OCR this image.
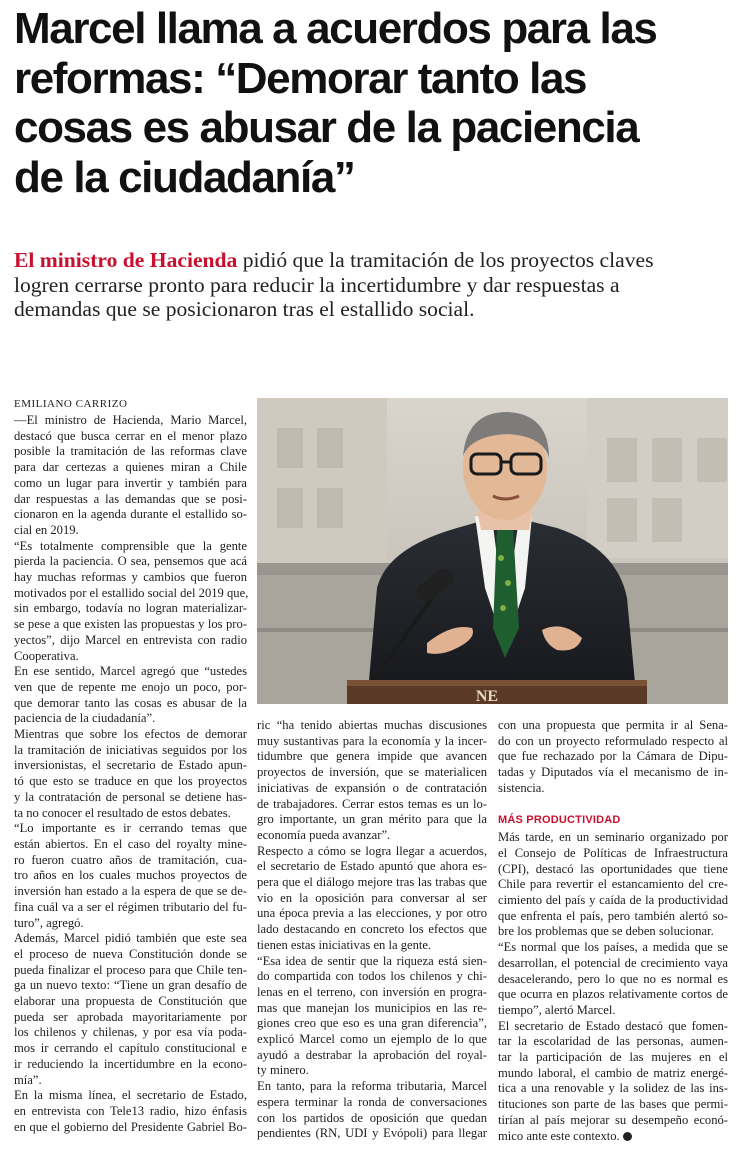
Marcel llama a acuerdos para las
reformas: “Demorar tanto las
cosas es abusar de la paciencia
de la ciudadanía”
El ministro de Hacienda pidió que la tramitación de los proyectos claves
logren cerrarse pronto para reducir la incertidumbre y dar respuestas a
demandas que se posicionaron tras el estallido social.
EMILIANO CARRIZO
NE

—El ministro de Hacienda, Mario Marcel,
destacó que busca cerrar en el menor plazo
posible la tramitación de las reformas clave
para dar certezas a quienes miran a Chile
como un lugar para invertir y también para
dar respuestas a las demandas que se posi-
cionaron en la agenda durante el estallido so-
cial en 2019.

“Es totalmente comprensible que la gente
pierda la paciencia. O sea, pensemos que acá
hay muchas reformas y cambios que fueron
motivados por el estallido social del 2019 que,
sin embargo, todavía no logran materializar-
se pese a que existen las propuestas y los pro-
yectos”, dijo Marcel en entrevista con radio
Cooperativa.

En ese sentido, Marcel agregó que “ustedes
ven que de repente me enojo un poco, por-
que demorar tanto las cosas es abusar de la
paciencia de la ciudadanía”.

Mientras que sobre los efectos de demorar
la tramitación de iniciativas seguidos por los
inversionistas, el secretario de Estado apun-
tó que esto se traduce en que los proyectos
y la contratación de personal se detiene has-
ta no conocer el resultado de estos debates.

“Lo importante es ir cerrando temas que
están abiertos. En el caso del royalty mine-
ro fueron cuatro años de tramitación, cua-
tro años en los cuales muchos proyectos de
inversión han estado a la espera de que se de-
fina cuál va a ser el régimen tributario del fu-
turo”, agregó.

Además, Marcel pidió también que este sea
el proceso de nueva Constitución donde se
pueda finalizar el proceso para que Chile ten-
ga un nuevo texto: “Tiene un gran desafío de
elaborar una propuesta de Constitución que
pueda ser aprobada mayoritariamente por
los chilenos y chilenas, y por esa vía poda-
mos ir cerrando el capítulo constitucional e
ir reduciendo la incertidumbre en la econo-
mía”.

En la misma línea, el secretario de Estado,
en entrevista con Tele13 radio, hizo énfasis
en que el gobierno del Presidente Gabriel Bo-

ric “ha tenido abiertas muchas discusiones
muy sustantivas para la economía y la incer-
tidumbre que genera impide que avancen
proyectos de inversión, que se materialicen
iniciativas de expansión o de contratación
de trabajadores. Cerrar estos temas es un lo-
gro importante, un gran mérito para que la
economía pueda avanzar”.

Respecto a cómo se logra llegar a acuerdos,
el secretario de Estado apuntó que ahora es-
pera que el diálogo mejore tras las trabas que
vio en la oposición para conversar al ser
una época previa a las elecciones, y por otro
lado destacando en concreto los efectos que
tienen estas iniciativas en la gente.

“Esa idea de sentir que la riqueza está sien-
do compartida con todos los chilenos y chi-
lenas en el terreno, con inversión en progra-
mas que manejan los municipios en las re-
giones creo que eso es una gran diferencia”,
explicó Marcel como un ejemplo de lo que
ayudó a destrabar la aprobación del royal-
ty minero.

En tanto, para la reforma tributaria, Marcel
espera terminar la ronda de conversaciones
con los partidos de oposición que quedan
pendientes (RN, UDI y Evópoli) para llegar

con una propuesta que permita ir al Sena-
do con un proyecto reformulado respecto al
que fue rechazado por la Cámara de Dipu-
tadas y Diputados vía el mecanismo de in-
sistencia.

MÁS PRODUCTIVIDAD

Más tarde, en un seminario organizado por
el Consejo de Políticas de Infraestructura
(CPI), destacó las oportunidades que tiene
Chile para revertir el estancamiento del cre-
cimiento del país y caída de la productividad
que enfrenta el país, pero también alertó so-
bre los problemas que se deben solucionar.

“Es normal que los países, a medida que se
desarrollan, el potencial de crecimiento vaya
desacelerando, pero lo que no es normal es
que ocurra en plazos relativamente cortos de
tiempo”, alertó Marcel.

El secretario de Estado destacó que fomen-
tar la escolaridad de las personas, aumen-
tar la participación de las mujeres en el
mundo laboral, el cambio de matriz energé-
tica a una renovable y la solidez de las ins-
tituciones son parte de las bases que permi-
tirían al país mejorar su desempeño econó-
mico ante este contexto.
